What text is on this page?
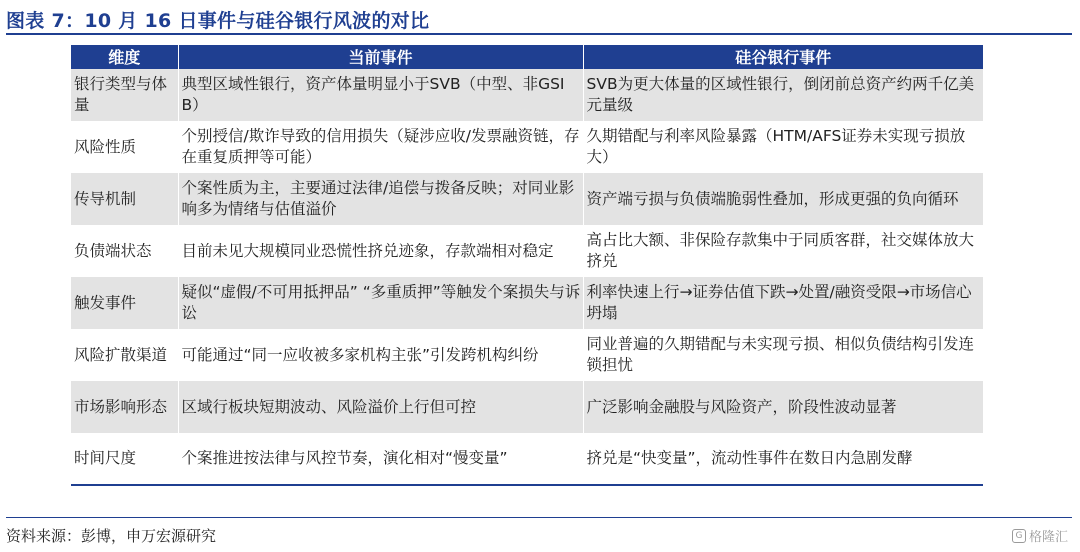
图表 7：10 月 16 日事件与硅谷银行风波的对比
维度	当前事件	硅谷银行事件
银行类型与体量	典型区域性银行，资产体量明显小于SVB（中型、非GSIB）	SVB为更大体量的区域性银行，倒闭前总资产约两千亿美元量级
风险性质	个别授信/欺诈导致的信用损失（疑涉应收/发票融资链，存在重复质押等可能）	久期错配与利率风险暴露（HTM/AFS证券未实现亏损放大）
传导机制	个案性质为主，主要通过法律/追偿与拨备反映；对同业影响多为情绪与估值溢价	资产端亏损与负债端脆弱性叠加，形成更强的负向循环
负债端状态	目前未见大规模同业恐慌性挤兑迹象，存款端相对稳定	高占比大额、非保险存款集中于同质客群，社交媒体放大挤兑
触发事件	疑似“虚假/不可用抵押品” “多重质押”等触发个案损失与诉讼	利率快速上行→证券估值下跌→处置/融资受限→市场信心坍塌
风险扩散渠道	可能通过“同一应收被多家机构主张”引发跨机构纠纷	同业普遍的久期错配与未实现亏损、相似负债结构引发连锁担忧
市场影响形态	区域行板块短期波动、风险溢价上行但可控	广泛影响金融股与风险资产，阶段性波动显著
时间尺度	个案推进按法律与风控节奏，演化相对“慢变量”	挤兑是“快变量”，流动性事件在数日内急剧发酵
资料来源：彭博，申万宏源研究	G 格隆汇
